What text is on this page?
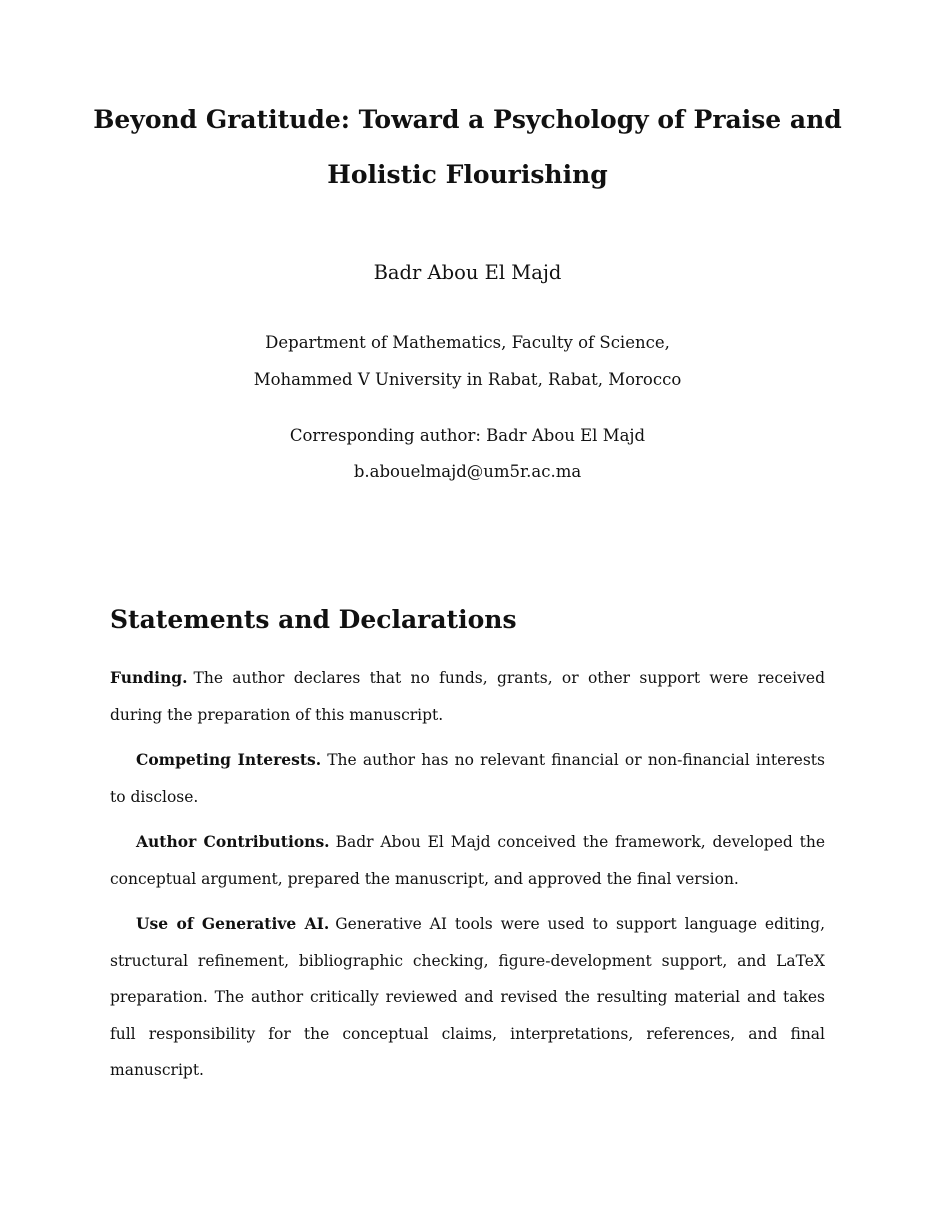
Beyond Gratitude: Toward a Psychology of Praise and
Holistic Flourishing
Badr Abou El Majd
Department of Mathematics, Faculty of Science,
Mohammed V University in Rabat, Rabat, Morocco
Corresponding author: Badr Abou El Majd
b.abouelmajd@um5r.ac.ma
Statements and Declarations

Funding. The author declares that no funds, grants, or other support were received during the preparation of this manuscript.

Competing Interests. The author has no relevant financial or non-financial interests to disclose.

Author Contributions. Badr Abou El Majd conceived the framework, developed the conceptual argument, prepared the manuscript, and approved the final version.

Use of Generative AI. Generative AI tools were used to support language editing, structural refinement, bibliographic checking, figure-development support, and LaTeX preparation. The author critically reviewed and revised the resulting material and takes full responsibility for the conceptual claims, interpretations, references, and final manuscript.
